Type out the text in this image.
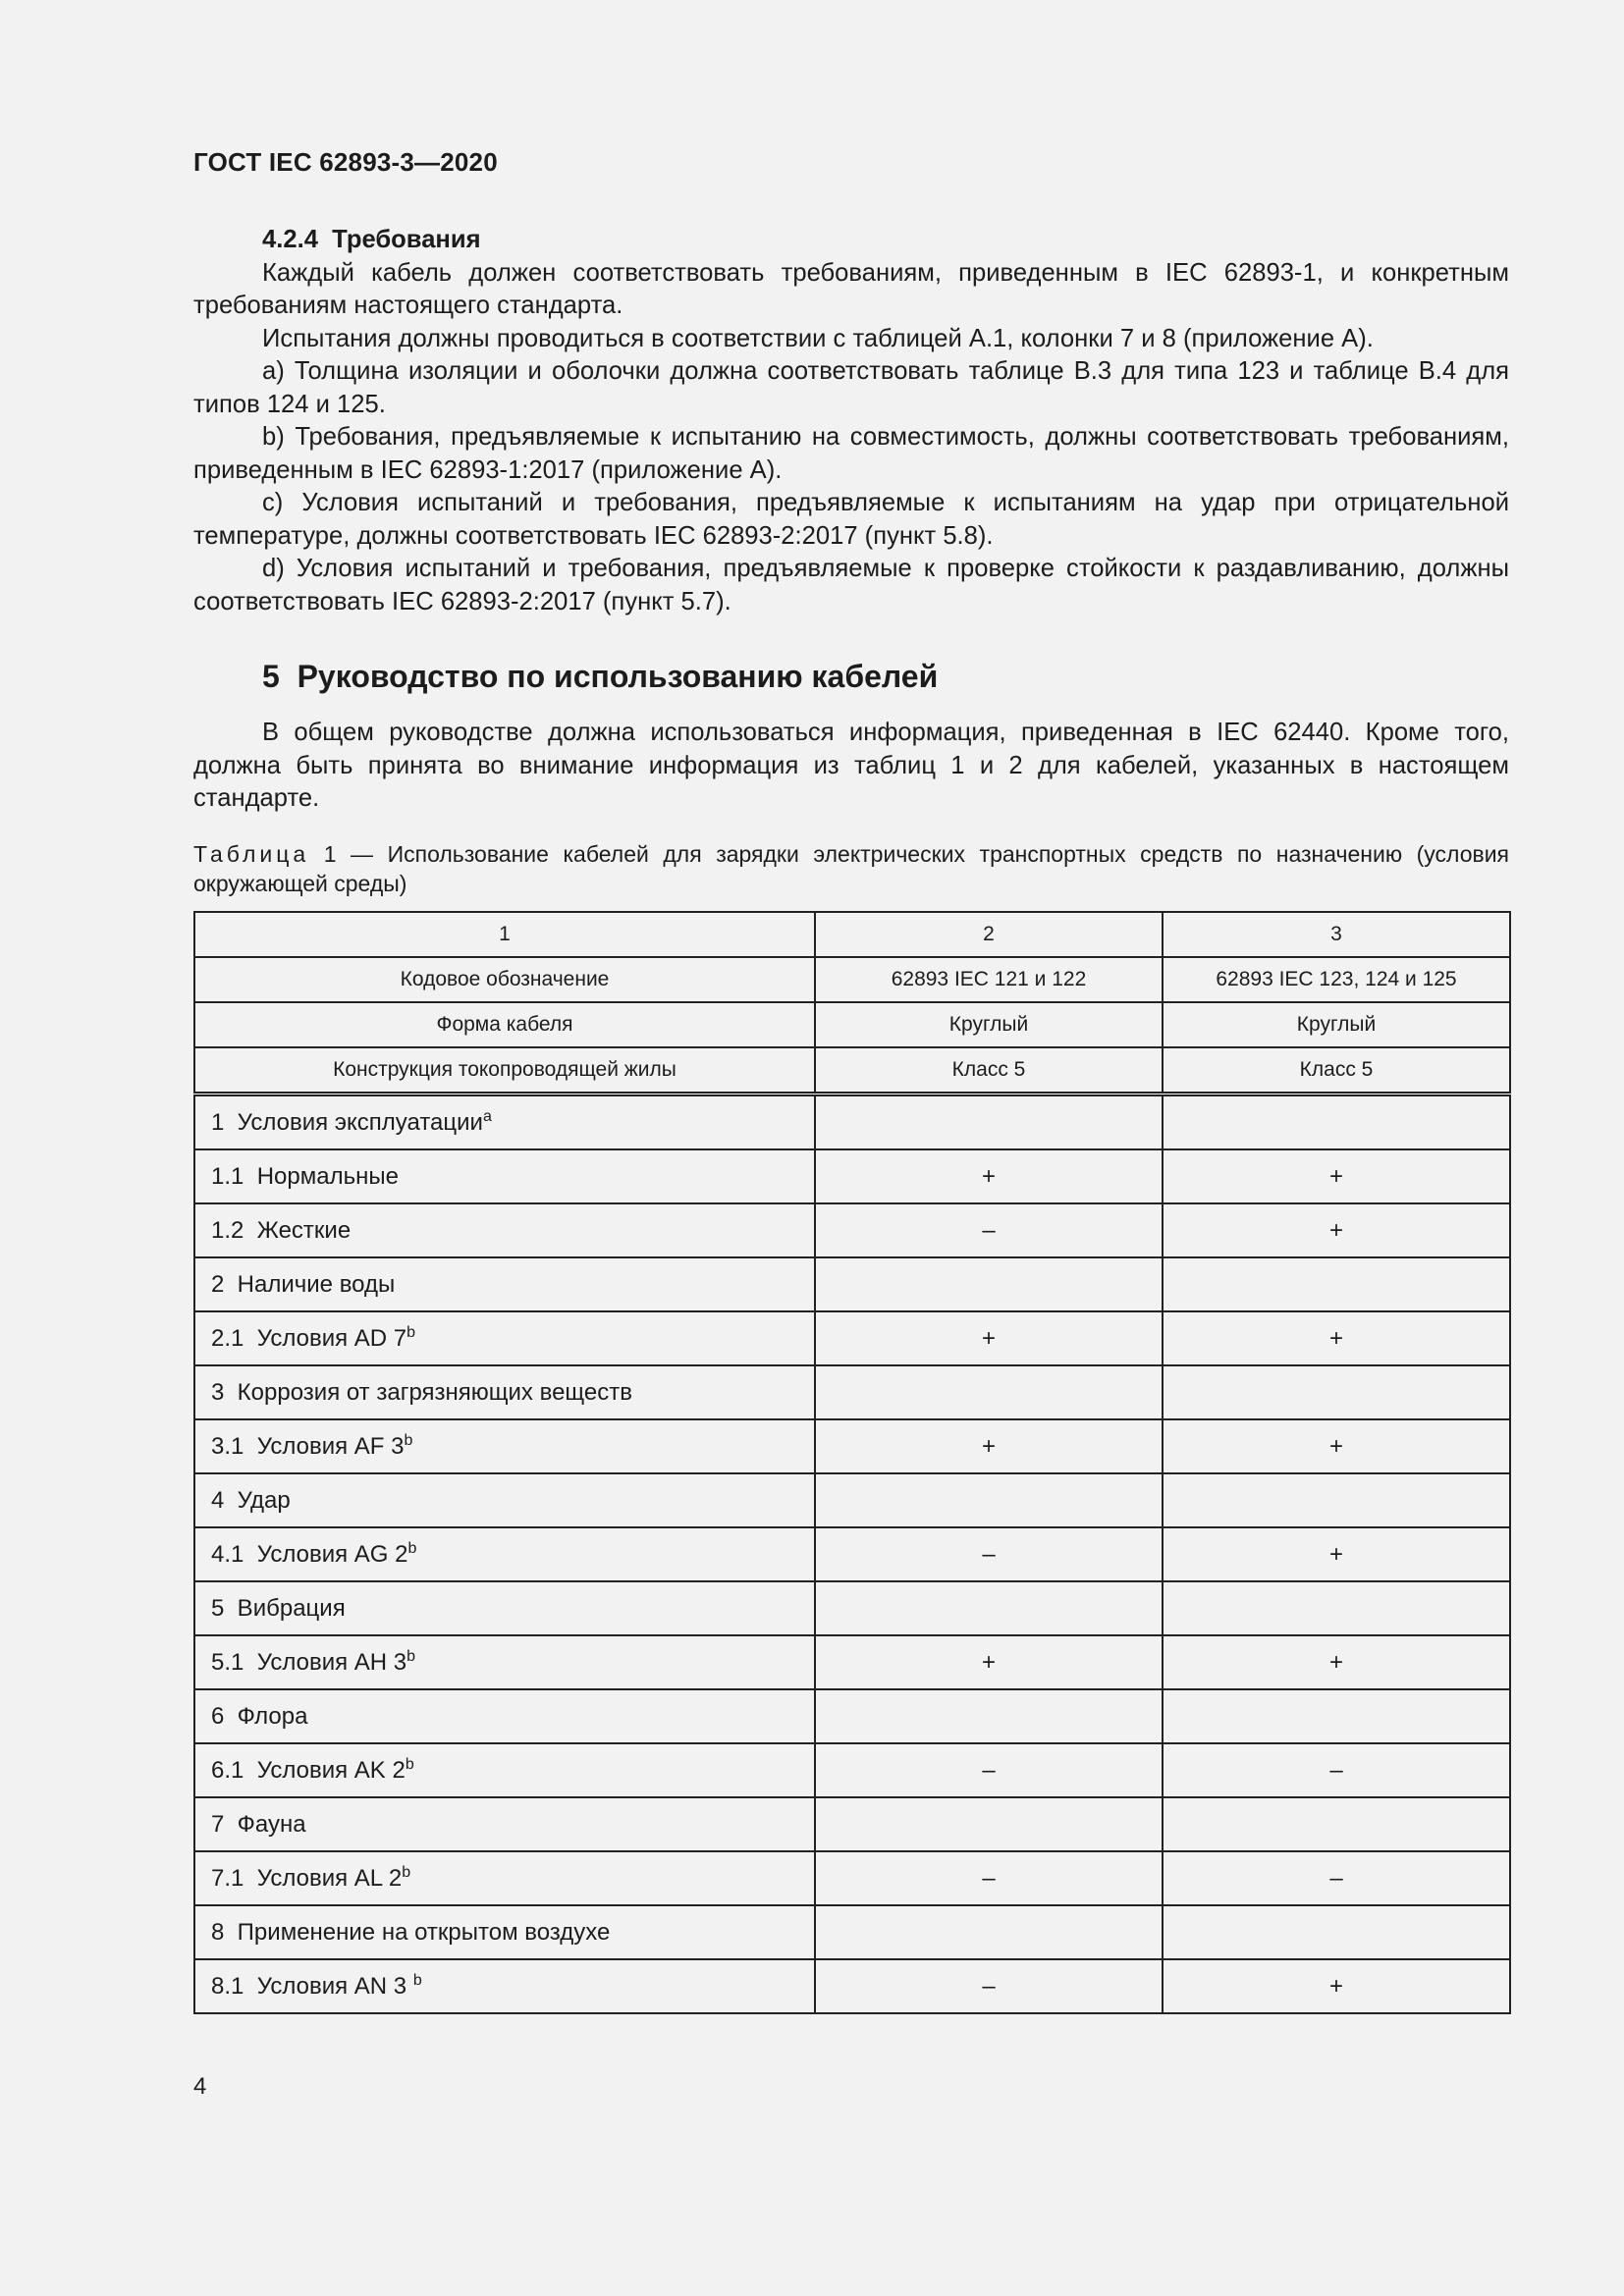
ГОСТ IEC 62893-3—2020

4.2.4 Требования

Каждый кабель должен соответствовать требованиям, приведенным в IEC 62893-1, и конкретным требованиям настоящего стандарта.

Испытания должны проводиться в соответствии с таблицей А.1, колонки 7 и 8 (приложение А).

a) Толщина изоляции и оболочки должна соответствовать таблице В.3 для типа 123 и таблице В.4 для типов 124 и 125.

b) Требования, предъявляемые к испытанию на совместимость, должны соответствовать требованиям, приведенным в IEC 62893-1:2017 (приложение А).

c) Условия испытаний и требования, предъявляемые к испытаниям на удар при отрицательной температуре, должны соответствовать IEC 62893-2:2017 (пункт 5.8).

d) Условия испытаний и требования, предъявляемые к проверке стойкости к раздавливанию, должны соответствовать IEC 62893-2:2017 (пункт 5.7).

5 Руководство по использованию кабелей

В общем руководстве должна использоваться информация, приведенная в IEC 62440. Кроме того, должна быть принята во внимание информация из таблиц 1 и 2 для кабелей, указанных в настоящем стандарте.

Таблица 1 — Использование кабелей для зарядки электрических транспортных средств по назначению (условия окружающей среды)
1	2	3
Кодовое обозначение	62893 IEC 121 и 122	62893 IEC 123, 124 и 125
Форма кабеля	Круглый	Круглый
Конструкция токопроводящей жилы	Класс 5	Класс 5
1  Условия эксплуатации$^a$		
1.1  Нормальные	+	+
1.2  Жесткие	–	+
2  Наличие воды		
2.1  Условия AD $7^b$	+	+
3  Коррозия от загрязняющих веществ		
3.1  Условия AF $3^b$	+	+
4  Удар		
4.1  Условия AG 2$^b$	–	+
5  Вибрация		
5.1  Условия AH $3^b$	+	+
6  Флора		
6.1  Условия AK 2$^b$	–	–
7  Фауна		
7.1  Условия AL 2$^b$	–	–
8  Применение на открытом воздухе		
8.1  Условия AN 3 $^b$	–	+
4
